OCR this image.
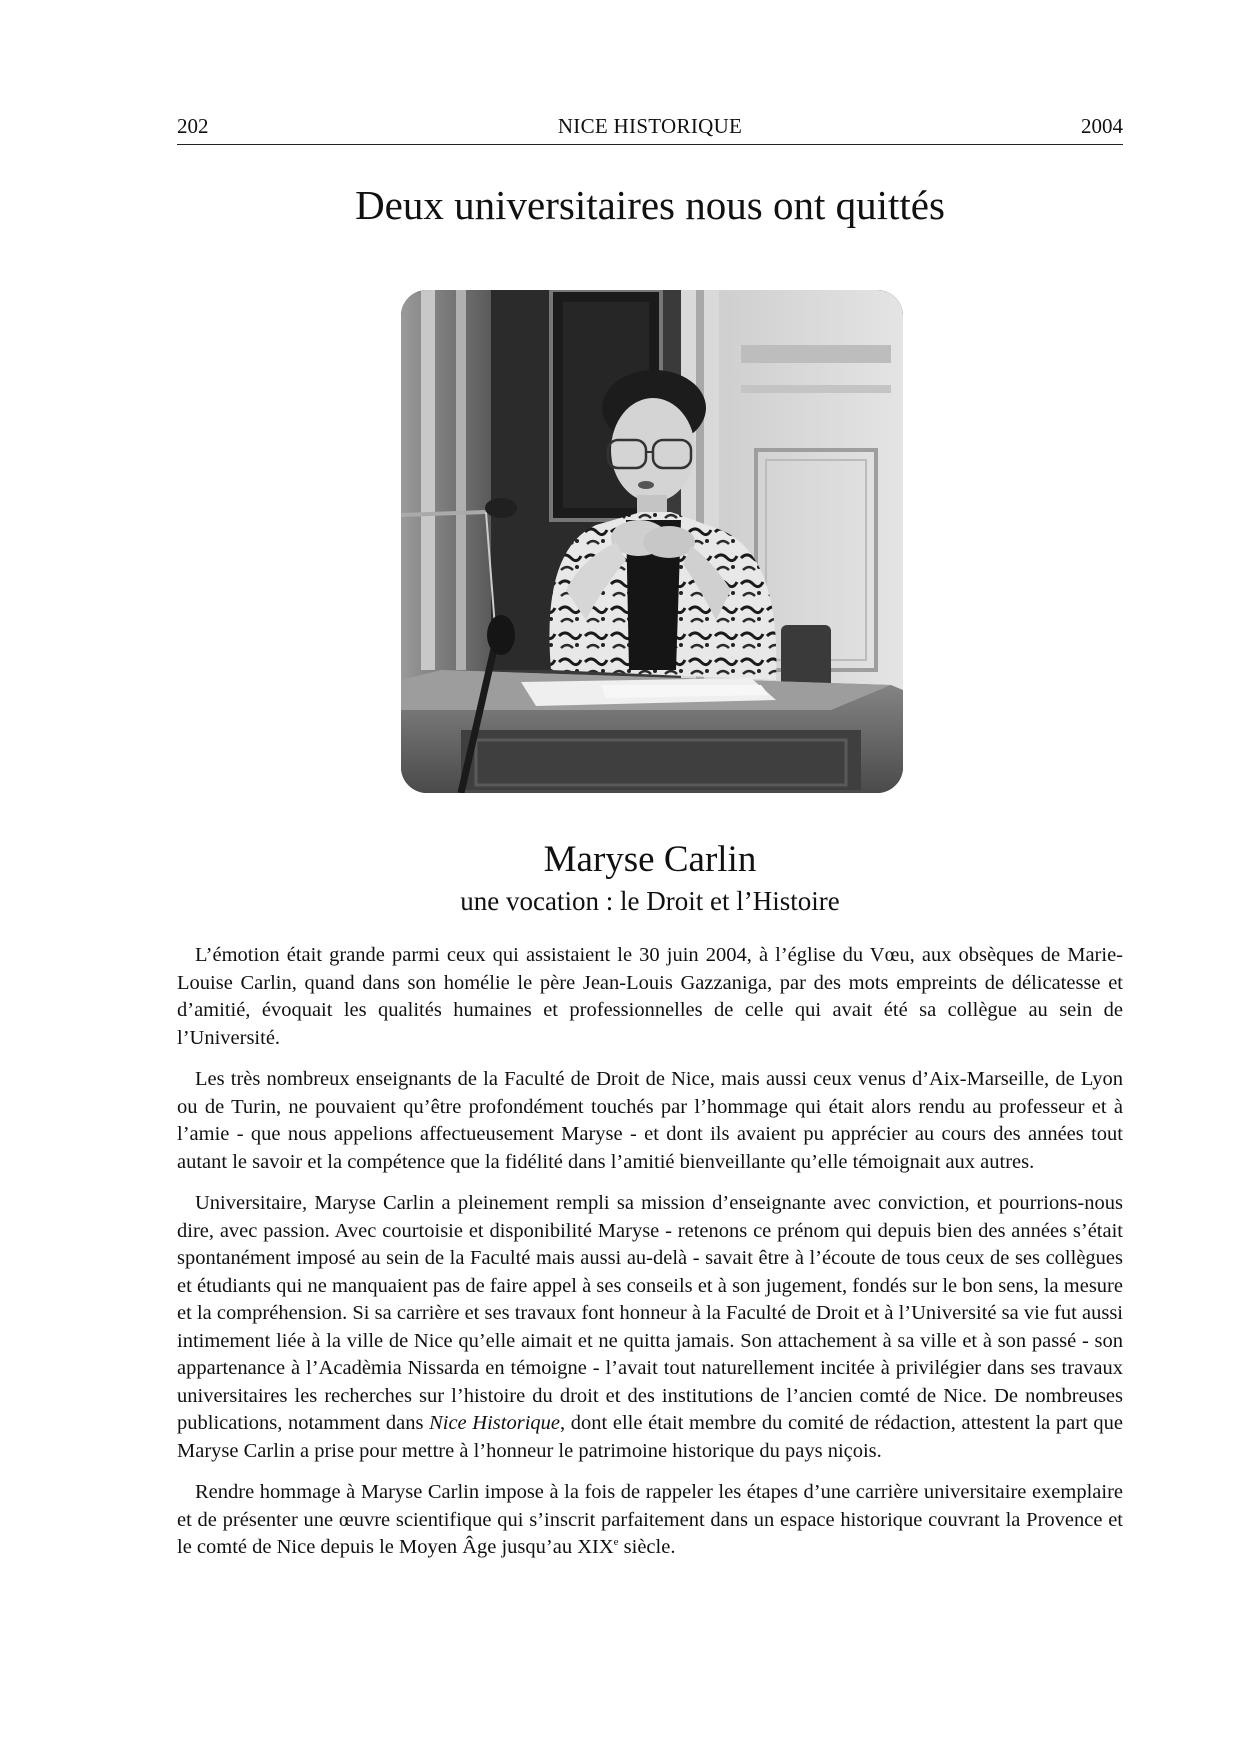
202	NICE HISTORIQUE	2004
Deux universitaires nous ont quittés
Maryse Carlin
une vocation : le Droit et l’Histoire

L’émotion était grande parmi ceux qui assistaient le 30 juin 2004, à l’église du Vœu, aux obsèques de Marie-Louise Carlin, quand dans son homélie le père Jean-Louis Gazzaniga, par des mots empreints de délicatesse et d’amitié, évoquait les qualités humaines et professionnelles de celle qui avait été sa collègue au sein de l’Université.

Les très nombreux enseignants de la Faculté de Droit de Nice, mais aussi ceux venus d’Aix-Marseille, de Lyon ou de Turin, ne pouvaient qu’être profondément touchés par l’hommage qui était alors rendu au professeur et à l’amie - que nous appelions affectueusement Maryse - et dont ils avaient pu apprécier au cours des années tout autant le savoir et la compétence que la fidélité dans l’amitié bienveillante qu’elle témoignait aux autres.

Universitaire, Maryse Carlin a pleinement rempli sa mission d’enseignante avec conviction, et pourrions-nous dire, avec passion. Avec courtoisie et disponibilité Maryse - retenons ce prénom qui depuis bien des années s’était spontanément imposé au sein de la Faculté mais aussi au-delà - savait être à l’écoute de tous ceux de ses collègues et étudiants qui ne manquaient pas de faire appel à ses conseils et à son jugement, fondés sur le bon sens, la mesure et la compréhension. Si sa carrière et ses travaux font honneur à la Faculté de Droit et à l’Université sa vie fut aussi intimement liée à la ville de Nice qu’elle aimait et ne quitta jamais. Son attachement à sa ville et à son passé - son appartenance à l’Acadèmia Nissarda en témoigne - l’avait tout naturellement incitée à privilégier dans ses travaux universitaires les recherches sur l’histoire du droit et des institutions de l’ancien comté de Nice. De nombreuses publications, notamment dans Nice Historique, dont elle était membre du comité de rédaction, attestent la part que Maryse Carlin a prise pour mettre à l’honneur le patrimoine historique du pays niçois.

Rendre hommage à Maryse Carlin impose à la fois de rappeler les étapes d’une carrière universitaire exemplaire et de présenter une œuvre scientifique qui s’inscrit parfaitement dans un espace historique couvrant la Provence et le comté de Nice depuis le Moyen Âge jusqu’au XIXe siècle.
